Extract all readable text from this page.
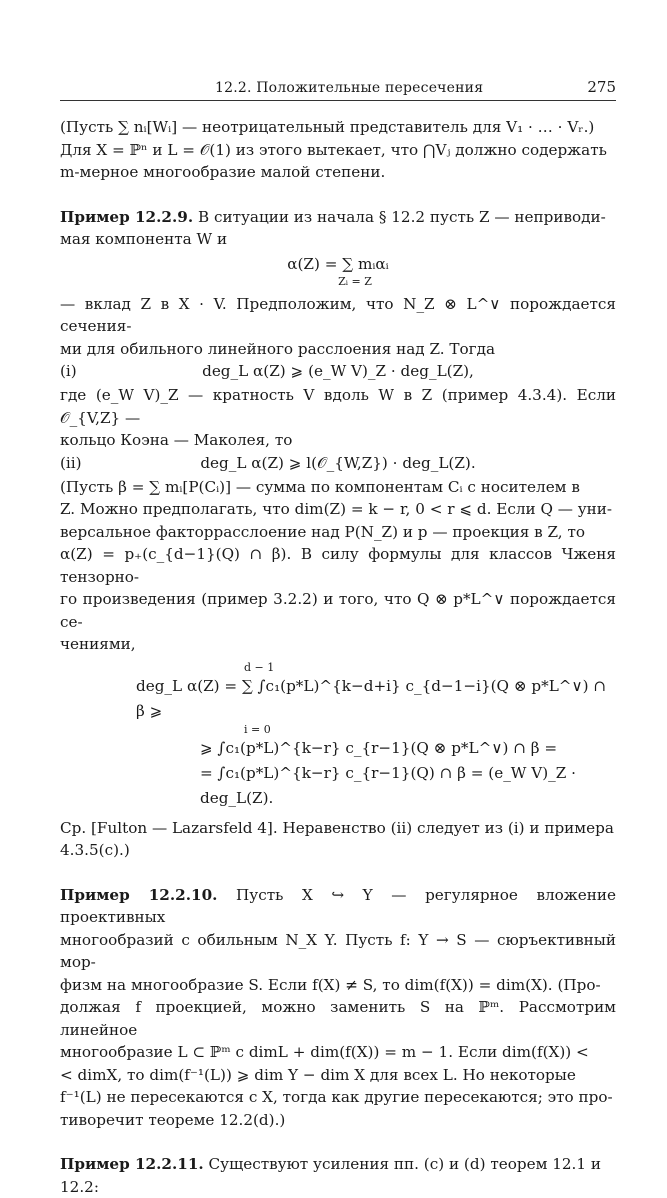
12.2. Положительные пересечения	275

(Пусть ∑ nᵢ[Wᵢ] — неотрицательный представитель для V₁ · … · Vᵣ.)

Для X = ℙⁿ и L = 𝒪(1) из этого вытекает, что ⋂Vⱼ должно содержать

m-мерное многообразие малой степени.

Пример 12.2.9. В ситуации из начала § 12.2 пусть Z — неприводи-

мая компонента W и

α(Z) = ∑ mᵢαᵢ
Zᵢ = Z

— вклад Z в X · V. Предположим, что N_Z ⊗ L^∨ порождается сечения-

ми для обильного линейного расслоения над Z. Тогда

(i)	deg_L α(Z) ⩾ (e_W V)_Z · deg_L(Z),

где (e_W V)_Z — кратность V вдоль W в Z (пример 4.3.4). Если 𝒪_{V,Z} —

кольцо Коэна — Маколея, то

(ii)	deg_L α(Z) ⩾ l(𝒪_{W,Z}) · deg_L(Z).

(Пусть β = ∑ mᵢ[P(Cᵢ)] — сумма по компонентам Cᵢ с носителем в

Z. Можно предполагать, что dim(Z) = k − r, 0 < r ⩽ d. Если Q — уни-

версальное факторрасслоение над P(N_Z) и p — проекция в Z, то

α(Z) = p₊(c_{d−1}(Q) ∩ β). В силу формулы для классов Чженя тензорно-

го произведения (пример 3.2.2) и того, что Q ⊗ p*L^∨ порождается се-

чениями,

d − 1
deg_L α(Z) = ∑ ∫c₁(p*L)^{k−d+i} c_{d−1−i}(Q ⊗ p*L^∨) ∩ β ⩾
i = 0
⩾ ∫c₁(p*L)^{k−r} c_{r−1}(Q ⊗ p*L^∨) ∩ β =
= ∫c₁(p*L)^{k−r} c_{r−1}(Q) ∩ β = (e_W V)_Z · deg_L(Z).

Ср. [Fulton — Lazarsfeld 4]. Неравенство (ii) следует из (i) и примера

4.3.5(c).)

Пример 12.2.10. Пусть X ↪ Y — регулярное вложение проективных

многообразий с обильным N_X Y. Пусть f: Y → S — сюръективный мор-

физм на многообразие S. Если f(X) ≠ S, то dim(f(X)) = dim(X). (Про-

должая f проекцией, можно заменить S на ℙᵐ. Рассмотрим линейное

многообразие L ⊂ ℙᵐ с dimL + dim(f(X)) = m − 1. Если dim(f(X)) <

< dimX, то dim(f⁻¹(L)) ⩾ dim Y − dim X для всех L. Но некоторые

f⁻¹(L) не пересекаются с X, тогда как другие пересекаются; это про-

тиворечит теореме 12.2(d).)

Пример 12.2.11. Существуют усиления пп. (c) и (d) теорем 12.1 и

12.2:
